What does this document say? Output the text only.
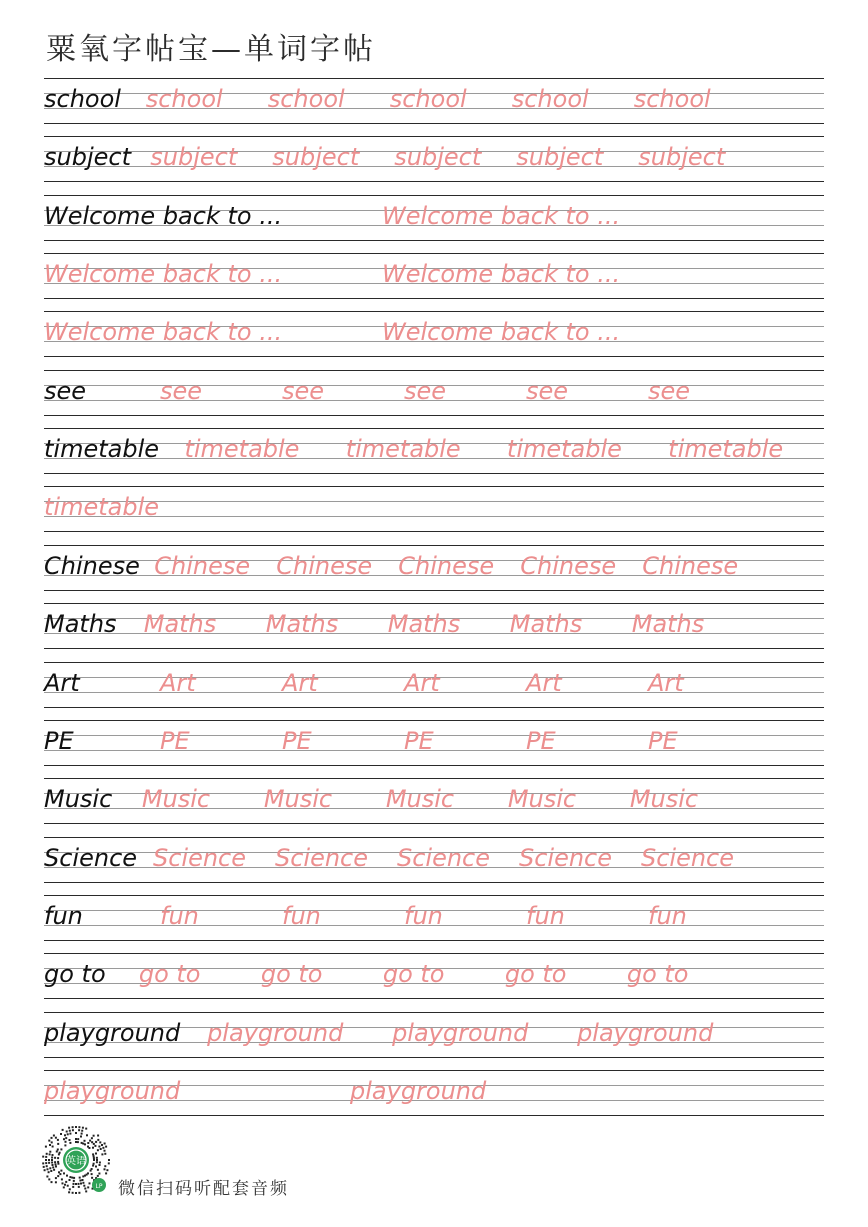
粟氧字帖宝—单词字帖
school school school school school school
subject subject subject subject subject subject
Welcome back to ...	Welcome back to ...
Welcome back to ...	Welcome back to ...
Welcome back to ...	Welcome back to ...
see	see	see	see	see	see
timetable timetable timetable timetable timetable
timetable
Chinese Chinese Chinese Chinese Chinese Chinese
Maths Maths Maths Maths Maths Maths
Art	Art	Art	Art	Art	Art
PE	PE	PE	PE	PE	PE
Music Music Music Music Music Music
Science Science Science Science Science Science
fun	fun	fun	fun	fun	fun
go to go to	go to	go to	go to	go to
playground playground playground playground
playground	playground
英语
LP 微信扫码听配套音频
